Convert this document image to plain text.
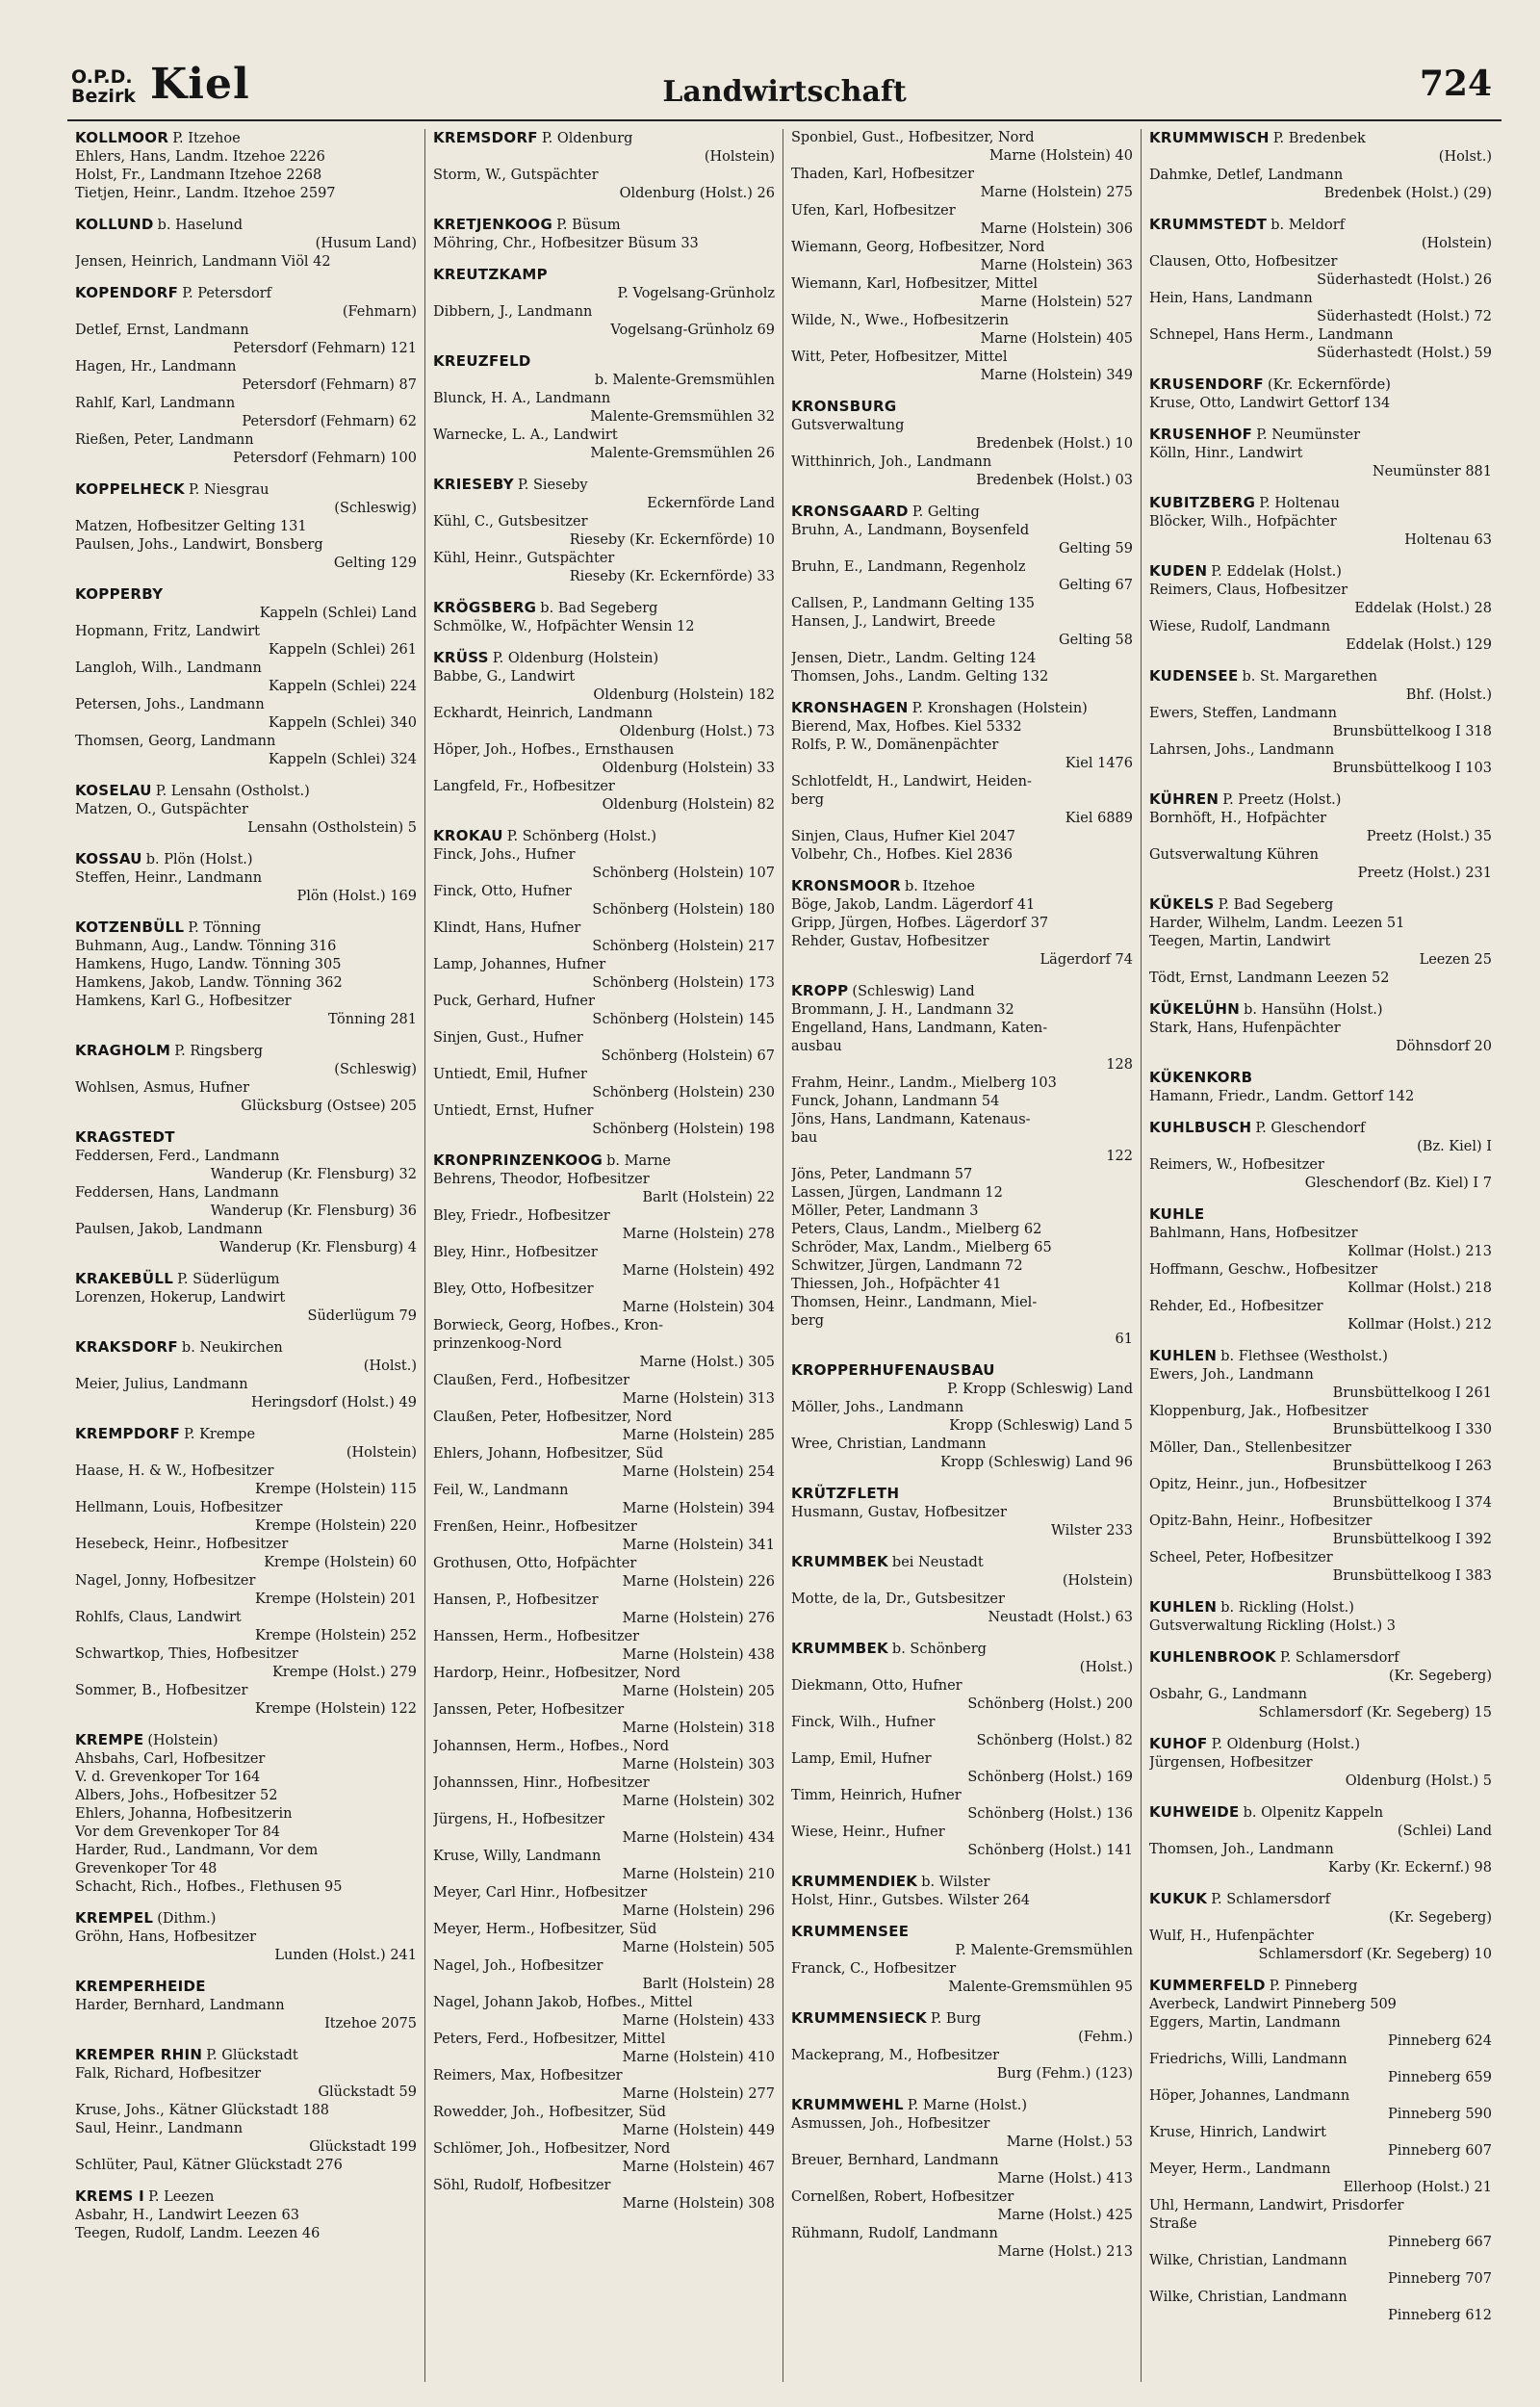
O.P.D.
Bezirk Kiel	Landwirtschaft	724
KOLLMOOR P. Itzehoe
Ehlers, Hans, Landm. Itzehoe 2226
Holst, Fr., Landmann Itzehoe 2268
Tietjen, Heinr., Landm. Itzehoe 2597
KOLLUND b. Haselund
(Husum Land)
Jensen, Heinrich, Landmann Viöl 42
KOPENDORF P. Petersdorf
(Fehmarn)
Detlef, Ernst, Landmann
Petersdorf (Fehmarn) 121
Hagen, Hr., Landmann
Petersdorf (Fehmarn) 87
Rahlf, Karl, Landmann
Petersdorf (Fehmarn) 62
Rießen, Peter, Landmann
Petersdorf (Fehmarn) 100
KOPPELHECK P. Niesgrau
(Schleswig)
Matzen, Hofbesitzer Gelting 131
Paulsen, Johs., Landwirt, Bonsberg
Gelting 129
KOPPERBY
Kappeln (Schlei) Land
Hopmann, Fritz, Landwirt
Kappeln (Schlei) 261
Langloh, Wilh., Landmann
Kappeln (Schlei) 224
Petersen, Johs., Landmann
Kappeln (Schlei) 340
Thomsen, Georg, Landmann
Kappeln (Schlei) 324
KOSELAU P. Lensahn (Ostholst.)
Matzen, O., Gutspächter
Lensahn (Ostholstein) 5
KOSSAU b. Plön (Holst.)
Steffen, Heinr., Landmann
Plön (Holst.) 169
KOTZENBÜLL P. Tönning
Buhmann, Aug., Landw. Tönning 316
Hamkens, Hugo, Landw. Tönning 305
Hamkens, Jakob, Landw. Tönning 362
Hamkens, Karl G., Hofbesitzer
Tönning 281
KRAGHOLM P. Ringsberg
(Schleswig)
Wohlsen, Asmus, Hufner
Glücksburg (Ostsee) 205
KRAGSTEDT
Feddersen, Ferd., Landmann
Wanderup (Kr. Flensburg) 32
Feddersen, Hans, Landmann
Wanderup (Kr. Flensburg) 36
Paulsen, Jakob, Landmann
Wanderup (Kr. Flensburg) 4
KRAKEBÜLL P. Süderlügum
Lorenzen, Hokerup, Landwirt
Süderlügum 79
KRAKSDORF b. Neukirchen
(Holst.)
Meier, Julius, Landmann
Heringsdorf (Holst.) 49
KREMPDORF P. Krempe
(Holstein)
Haase, H. & W., Hofbesitzer
Krempe (Holstein) 115
Hellmann, Louis, Hofbesitzer
Krempe (Holstein) 220
Hesebeck, Heinr., Hofbesitzer
Krempe (Holstein) 60
Nagel, Jonny, Hofbesitzer
Krempe (Holstein) 201
Rohlfs, Claus, Landwirt
Krempe (Holstein) 252
Schwartkop, Thies, Hofbesitzer
Krempe (Holst.) 279
Sommer, B., Hofbesitzer
Krempe (Holstein) 122
KREMPE (Holstein)
Ahsbahs, Carl, Hofbesitzer
V. d. Grevenkoper Tor 164
Albers, Johs., Hofbesitzer 52
Ehlers, Johanna, Hofbesitzerin
Vor dem Grevenkoper Tor 84
Harder, Rud., Landmann, Vor dem
Grevenkoper Tor 48
Schacht, Rich., Hofbes., Flethusen 95
KREMPEL (Dithm.)
Gröhn, Hans, Hofbesitzer
Lunden (Holst.) 241
KREMPERHEIDE
Harder, Bernhard, Landmann
Itzehoe 2075
KREMPER RHIN P. Glückstadt
Falk, Richard, Hofbesitzer
Glückstadt 59
Kruse, Johs., Kätner Glückstadt 188
Saul, Heinr., Landmann
Glückstadt 199
Schlüter, Paul, Kätner Glückstadt 276
KREMS I P. Leezen
Asbahr, H., Landwirt Leezen 63
Teegen, Rudolf, Landm. Leezen 46
KREMSDORF P. Oldenburg
(Holstein)
Storm, W., Gutspächter
Oldenburg (Holst.) 26
KRETJENKOOG P. Büsum
Möhring, Chr., Hofbesitzer Büsum 33
KREUTZKAMP
P. Vogelsang-Grünholz
Dibbern, J., Landmann
Vogelsang-Grünholz 69
KREUZFELD
b. Malente-Gremsmühlen
Blunck, H. A., Landmann
Malente-Gremsmühlen 32
Warnecke, L. A., Landwirt
Malente-Gremsmühlen 26
KRIESEBY P. Sieseby
Eckernförde Land
Kühl, C., Gutsbesitzer
Rieseby (Kr. Eckernförde) 10
Kühl, Heinr., Gutspächter
Rieseby (Kr. Eckernförde) 33
KRÖGSBERG b. Bad Segeberg
Schmölke, W., Hofpächter Wensin 12
KRÜSS P. Oldenburg (Holstein)
Babbe, G., Landwirt
Oldenburg (Holstein) 182
Eckhardt, Heinrich, Landmann
Oldenburg (Holst.) 73
Höper, Joh., Hofbes., Ernsthausen
Oldenburg (Holstein) 33
Langfeld, Fr., Hofbesitzer
Oldenburg (Holstein) 82
KROKAU P. Schönberg (Holst.)
Finck, Johs., Hufner
Schönberg (Holstein) 107
Finck, Otto, Hufner
Schönberg (Holstein) 180
Klindt, Hans, Hufner
Schönberg (Holstein) 217
Lamp, Johannes, Hufner
Schönberg (Holstein) 173
Puck, Gerhard, Hufner
Schönberg (Holstein) 145
Sinjen, Gust., Hufner
Schönberg (Holstein) 67
Untiedt, Emil, Hufner
Schönberg (Holstein) 230
Untiedt, Ernst, Hufner
Schönberg (Holstein) 198
KRONPRINZENKOOG b. Marne
Behrens, Theodor, Hofbesitzer
Barlt (Holstein) 22
Bley, Friedr., Hofbesitzer
Marne (Holstein) 278
Bley, Hinr., Hofbesitzer
Marne (Holstein) 492
Bley, Otto, Hofbesitzer
Marne (Holstein) 304
Borwieck, Georg, Hofbes., Kron-
prinzenkoog-Nord
Marne (Holst.) 305
Claußen, Ferd., Hofbesitzer
Marne (Holstein) 313
Claußen, Peter, Hofbesitzer, Nord
Marne (Holstein) 285
Ehlers, Johann, Hofbesitzer, Süd
Marne (Holstein) 254
Feil, W., Landmann
Marne (Holstein) 394
Frenßen, Heinr., Hofbesitzer
Marne (Holstein) 341
Grothusen, Otto, Hofpächter
Marne (Holstein) 226
Hansen, P., Hofbesitzer
Marne (Holstein) 276
Hanssen, Herm., Hofbesitzer
Marne (Holstein) 438
Hardorp, Heinr., Hofbesitzer, Nord
Marne (Holstein) 205
Janssen, Peter, Hofbesitzer
Marne (Holstein) 318
Johannsen, Herm., Hofbes., Nord
Marne (Holstein) 303
Johannssen, Hinr., Hofbesitzer
Marne (Holstein) 302
Jürgens, H., Hofbesitzer
Marne (Holstein) 434
Kruse, Willy, Landmann
Marne (Holstein) 210
Meyer, Carl Hinr., Hofbesitzer
Marne (Holstein) 296
Meyer, Herm., Hofbesitzer, Süd
Marne (Holstein) 505
Nagel, Joh., Hofbesitzer
Barlt (Holstein) 28
Nagel, Johann Jakob, Hofbes., Mittel
Marne (Holstein) 433
Peters, Ferd., Hofbesitzer, Mittel
Marne (Holstein) 410
Reimers, Max, Hofbesitzer
Marne (Holstein) 277
Rowedder, Joh., Hofbesitzer, Süd
Marne (Holstein) 449
Schlömer, Joh., Hofbesitzer, Nord
Marne (Holstein) 467
Söhl, Rudolf, Hofbesitzer
Marne (Holstein) 308
Sponbiel, Gust., Hofbesitzer, Nord
Marne (Holstein) 40
Thaden, Karl, Hofbesitzer
Marne (Holstein) 275
Ufen, Karl, Hofbesitzer
Marne (Holstein) 306
Wiemann, Georg, Hofbesitzer, Nord
Marne (Holstein) 363
Wiemann, Karl, Hofbesitzer, Mittel
Marne (Holstein) 527
Wilde, N., Wwe., Hofbesitzerin
Marne (Holstein) 405
Witt, Peter, Hofbesitzer, Mittel
Marne (Holstein) 349
KRONSBURG
Gutsverwaltung
Bredenbek (Holst.) 10
Witthinrich, Joh., Landmann
Bredenbek (Holst.) 03
KRONSGAARD P. Gelting
Bruhn, A., Landmann, Boysenfeld
Gelting 59
Bruhn, E., Landmann, Regenholz
Gelting 67
Callsen, P., Landmann Gelting 135
Hansen, J., Landwirt, Breede
Gelting 58
Jensen, Dietr., Landm. Gelting 124
Thomsen, Johs., Landm. Gelting 132
KRONSHAGEN P. Kronshagen (Holstein)
Bierend, Max, Hofbes. Kiel 5332
Rolfs, P. W., Domänenpächter
Kiel 1476
Schlotfeldt, H., Landwirt, Heiden-
berg
Kiel 6889
Sinjen, Claus, Hufner Kiel 2047
Volbehr, Ch., Hofbes. Kiel 2836
KRONSMOOR b. Itzehoe
Böge, Jakob, Landm. Lägerdorf 41
Gripp, Jürgen, Hofbes. Lägerdorf 37
Rehder, Gustav, Hofbesitzer
Lägerdorf 74
KROPP (Schleswig) Land
Brommann, J. H., Landmann 32
Engelland, Hans, Landmann, Katen-
ausbau
128
Frahm, Heinr., Landm., Mielberg 103
Funck, Johann, Landmann 54
Jöns, Hans, Landmann, Katenaus-
bau
122
Jöns, Peter, Landmann 57
Lassen, Jürgen, Landmann 12
Möller, Peter, Landmann 3
Peters, Claus, Landm., Mielberg 62
Schröder, Max, Landm., Mielberg 65
Schwitzer, Jürgen, Landmann 72
Thiessen, Joh., Hofpächter 41
Thomsen, Heinr., Landmann, Miel-
berg
61
KROPPERHUFENAUSBAU
P. Kropp (Schleswig) Land
Möller, Johs., Landmann
Kropp (Schleswig) Land 5
Wree, Christian, Landmann
Kropp (Schleswig) Land 96
KRÜTZFLETH
Husmann, Gustav, Hofbesitzer
Wilster 233
KRUMMBEK bei Neustadt
(Holstein)
Motte, de la, Dr., Gutsbesitzer
Neustadt (Holst.) 63
KRUMMBEK b. Schönberg
(Holst.)
Diekmann, Otto, Hufner
Schönberg (Holst.) 200
Finck, Wilh., Hufner
Schönberg (Holst.) 82
Lamp, Emil, Hufner
Schönberg (Holst.) 169
Timm, Heinrich, Hufner
Schönberg (Holst.) 136
Wiese, Heinr., Hufner
Schönberg (Holst.) 141
KRUMMENDIEK b. Wilster
Holst, Hinr., Gutsbes. Wilster 264
KRUMMENSEE
P. Malente-Gremsmühlen
Franck, C., Hofbesitzer
Malente-Gremsmühlen 95
KRUMMENSIECK P. Burg
(Fehm.)
Mackeprang, M., Hofbesitzer
Burg (Fehm.) (123)
KRUMMWEHL P. Marne (Holst.)
Asmussen, Joh., Hofbesitzer
Marne (Holst.) 53
Breuer, Bernhard, Landmann
Marne (Holst.) 413
Cornelßen, Robert, Hofbesitzer
Marne (Holst.) 425
Rühmann, Rudolf, Landmann
Marne (Holst.) 213
KRUMMWISCH P. Bredenbek
(Holst.)
Dahmke, Detlef, Landmann
Bredenbek (Holst.) (29)
KRUMMSTEDT b. Meldorf
(Holstein)
Clausen, Otto, Hofbesitzer
Süderhastedt (Holst.) 26
Hein, Hans, Landmann
Süderhastedt (Holst.) 72
Schnepel, Hans Herm., Landmann
Süderhastedt (Holst.) 59
KRUSENDORF (Kr. Eckernförde)
Kruse, Otto, Landwirt Gettorf 134
KRUSENHOF P. Neumünster
Kölln, Hinr., Landwirt
Neumünster 881
KUBITZBERG P. Holtenau
Blöcker, Wilh., Hofpächter
Holtenau 63
KUDEN P. Eddelak (Holst.)
Reimers, Claus, Hofbesitzer
Eddelak (Holst.) 28
Wiese, Rudolf, Landmann
Eddelak (Holst.) 129
KUDENSEE b. St. Margarethen
Bhf. (Holst.)
Ewers, Steffen, Landmann
Brunsbüttelkoog I 318
Lahrsen, Johs., Landmann
Brunsbüttelkoog I 103
KÜHREN P. Preetz (Holst.)
Bornhöft, H., Hofpächter
Preetz (Holst.) 35
Gutsverwaltung Kühren
Preetz (Holst.) 231
KÜKELS P. Bad Segeberg
Harder, Wilhelm, Landm. Leezen 51
Teegen, Martin, Landwirt
Leezen 25
Tödt, Ernst, Landmann Leezen 52
KÜKELÜHN b. Hansühn (Holst.)
Stark, Hans, Hufenpächter
Döhnsdorf 20
KÜKENKORB
Hamann, Friedr., Landm. Gettorf 142
KUHLBUSCH P. Gleschendorf
(Bz. Kiel) I
Reimers, W., Hofbesitzer
Gleschendorf (Bz. Kiel) I 7
KUHLE
Bahlmann, Hans, Hofbesitzer
Kollmar (Holst.) 213
Hoffmann, Geschw., Hofbesitzer
Kollmar (Holst.) 218
Rehder, Ed., Hofbesitzer
Kollmar (Holst.) 212
KUHLEN b. Flethsee (Westholst.)
Ewers, Joh., Landmann
Brunsbüttelkoog I 261
Kloppenburg, Jak., Hofbesitzer
Brunsbüttelkoog I 330
Möller, Dan., Stellenbesitzer
Brunsbüttelkoog I 263
Opitz, Heinr., jun., Hofbesitzer
Brunsbüttelkoog I 374
Opitz-Bahn, Heinr., Hofbesitzer
Brunsbüttelkoog I 392
Scheel, Peter, Hofbesitzer
Brunsbüttelkoog I 383
KUHLEN b. Rickling (Holst.)
Gutsverwaltung Rickling (Holst.) 3
KUHLENBROOK P. Schlamersdorf
(Kr. Segeberg)
Osbahr, G., Landmann
Schlamersdorf (Kr. Segeberg) 15
KUHOF P. Oldenburg (Holst.)
Jürgensen, Hofbesitzer
Oldenburg (Holst.) 5
KUHWEIDE b. Olpenitz Kappeln
(Schlei) Land
Thomsen, Joh., Landmann
Karby (Kr. Eckernf.) 98
KUKUK P. Schlamersdorf
(Kr. Segeberg)
Wulf, H., Hufenpächter
Schlamersdorf (Kr. Segeberg) 10
KUMMERFELD P. Pinneberg
Averbeck, Landwirt Pinneberg 509
Eggers, Martin, Landmann
Pinneberg 624
Friedrichs, Willi, Landmann
Pinneberg 659
Höper, Johannes, Landmann
Pinneberg 590
Kruse, Hinrich, Landwirt
Pinneberg 607
Meyer, Herm., Landmann
Ellerhoop (Holst.) 21
Uhl, Hermann, Landwirt, Prisdorfer
Straße
Pinneberg 667
Wilke, Christian, Landmann
Pinneberg 707
Wilke, Christian, Landmann
Pinneberg 612
